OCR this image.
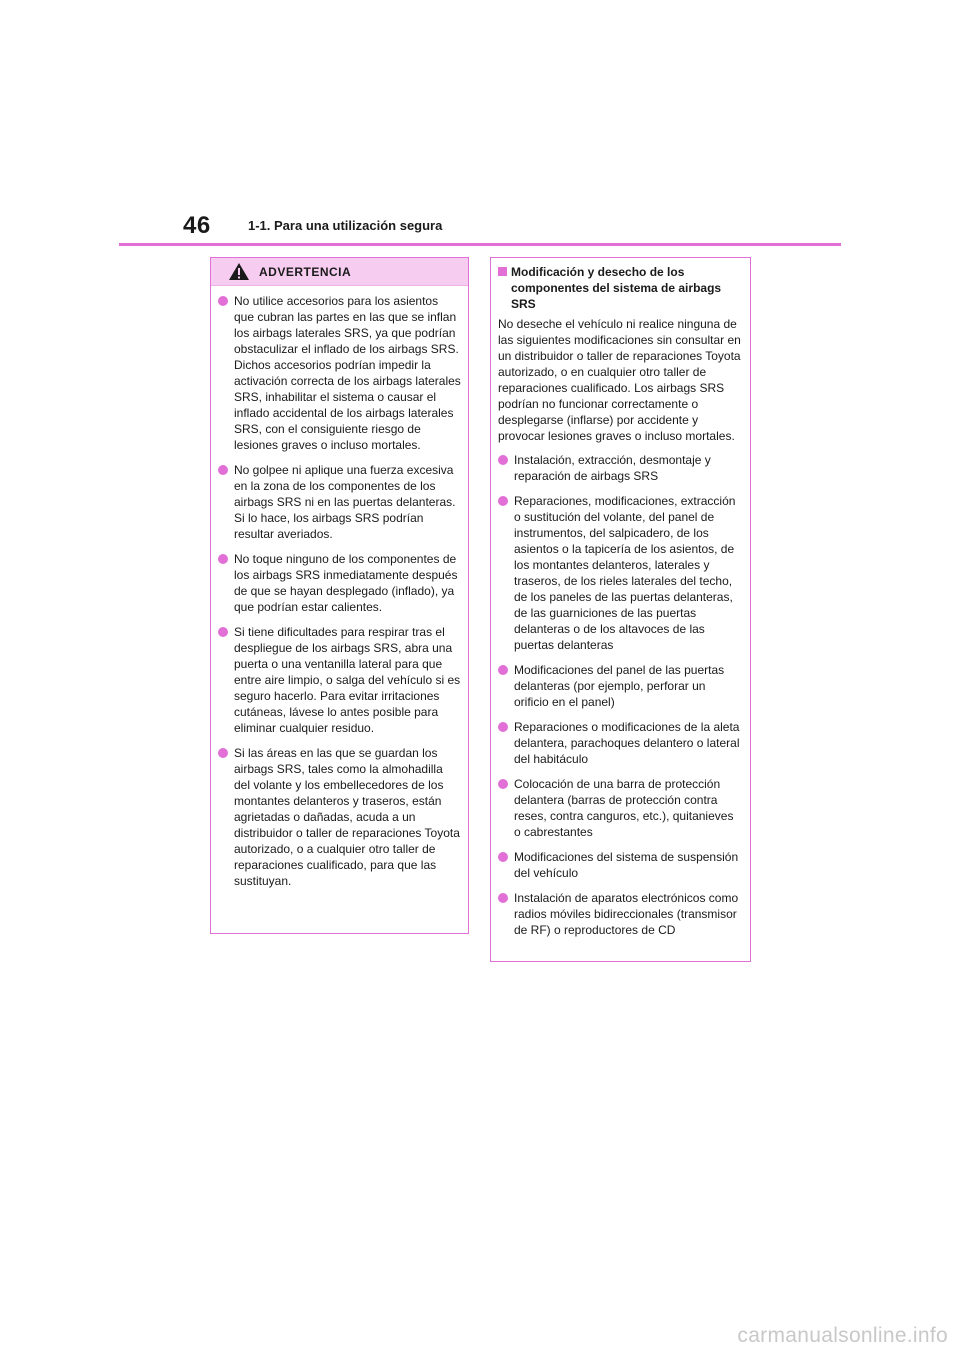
46	1-1. Para una utilización segura
ADVERTENCIA
No utilice accesorios para los asientos que cubran las partes en las que se inflan los airbags laterales SRS, ya que podrían obstaculizar el inflado de los airbags SRS. Dichos accesorios podrían impedir la activación correcta de los airbags laterales SRS, inhabilitar el sistema o causar el inflado accidental de los airbags laterales SRS, con el consiguiente riesgo de lesiones graves o incluso mortales.
No golpee ni aplique una fuerza excesiva en la zona de los componentes de los airbags SRS ni en las puertas delanteras.
Si lo hace, los airbags SRS podrían resultar averiados.
No toque ninguno de los componentes de los airbags SRS inmediatamente después de que se hayan desplegado (inflado), ya que podrían estar calientes.
Si tiene dificultades para respirar tras el despliegue de los airbags SRS, abra una puerta o una ventanilla lateral para que entre aire limpio, o salga del vehículo si es seguro hacerlo. Para evitar irritaciones cutáneas, lávese lo antes posible para eliminar cualquier residuo.
Si las áreas en las que se guardan los airbags SRS, tales como la almohadilla del volante y los embellecedores de los montantes delanteros y traseros, están agrietadas o dañadas, acuda a un distribuidor o taller de reparaciones Toyota autorizado, o a cualquier otro taller de reparaciones cualificado, para que las sustituyan.
Modificación y desecho de los componentes del sistema de airbags SRS

No deseche el vehículo ni realice ninguna de las siguientes modificaciones sin consultar en un distribuidor o taller de reparaciones Toyota autorizado, o en cualquier otro taller de reparaciones cualificado. Los airbags SRS podrían no funcionar correctamente o desplegarse (inflarse) por accidente y provocar lesiones graves o incluso mortales.

Instalación, extracción, desmontaje y reparación de airbags SRS
Reparaciones, modificaciones, extracción o sustitución del volante, del panel de instrumentos, del salpicadero, de los asientos o la tapicería de los asientos, de los montantes delanteros, laterales y traseros, de los rieles laterales del techo, de los paneles de las puertas delanteras, de las guarniciones de las puertas delanteras o de los altavoces de las puertas delanteras
Modificaciones del panel de las puertas delanteras (por ejemplo, perforar un orificio en el panel)
Reparaciones o modificaciones de la aleta delantera, parachoques delantero o lateral del habitáculo
Colocación de una barra de protección delantera (barras de protección contra reses, contra canguros, etc.), quitanieves o cabrestantes
Modificaciones del sistema de suspensión del vehículo
Instalación de aparatos electrónicos como radios móviles bidireccionales (transmisor de RF) o reproductores de CD
carmanualsonline.info
